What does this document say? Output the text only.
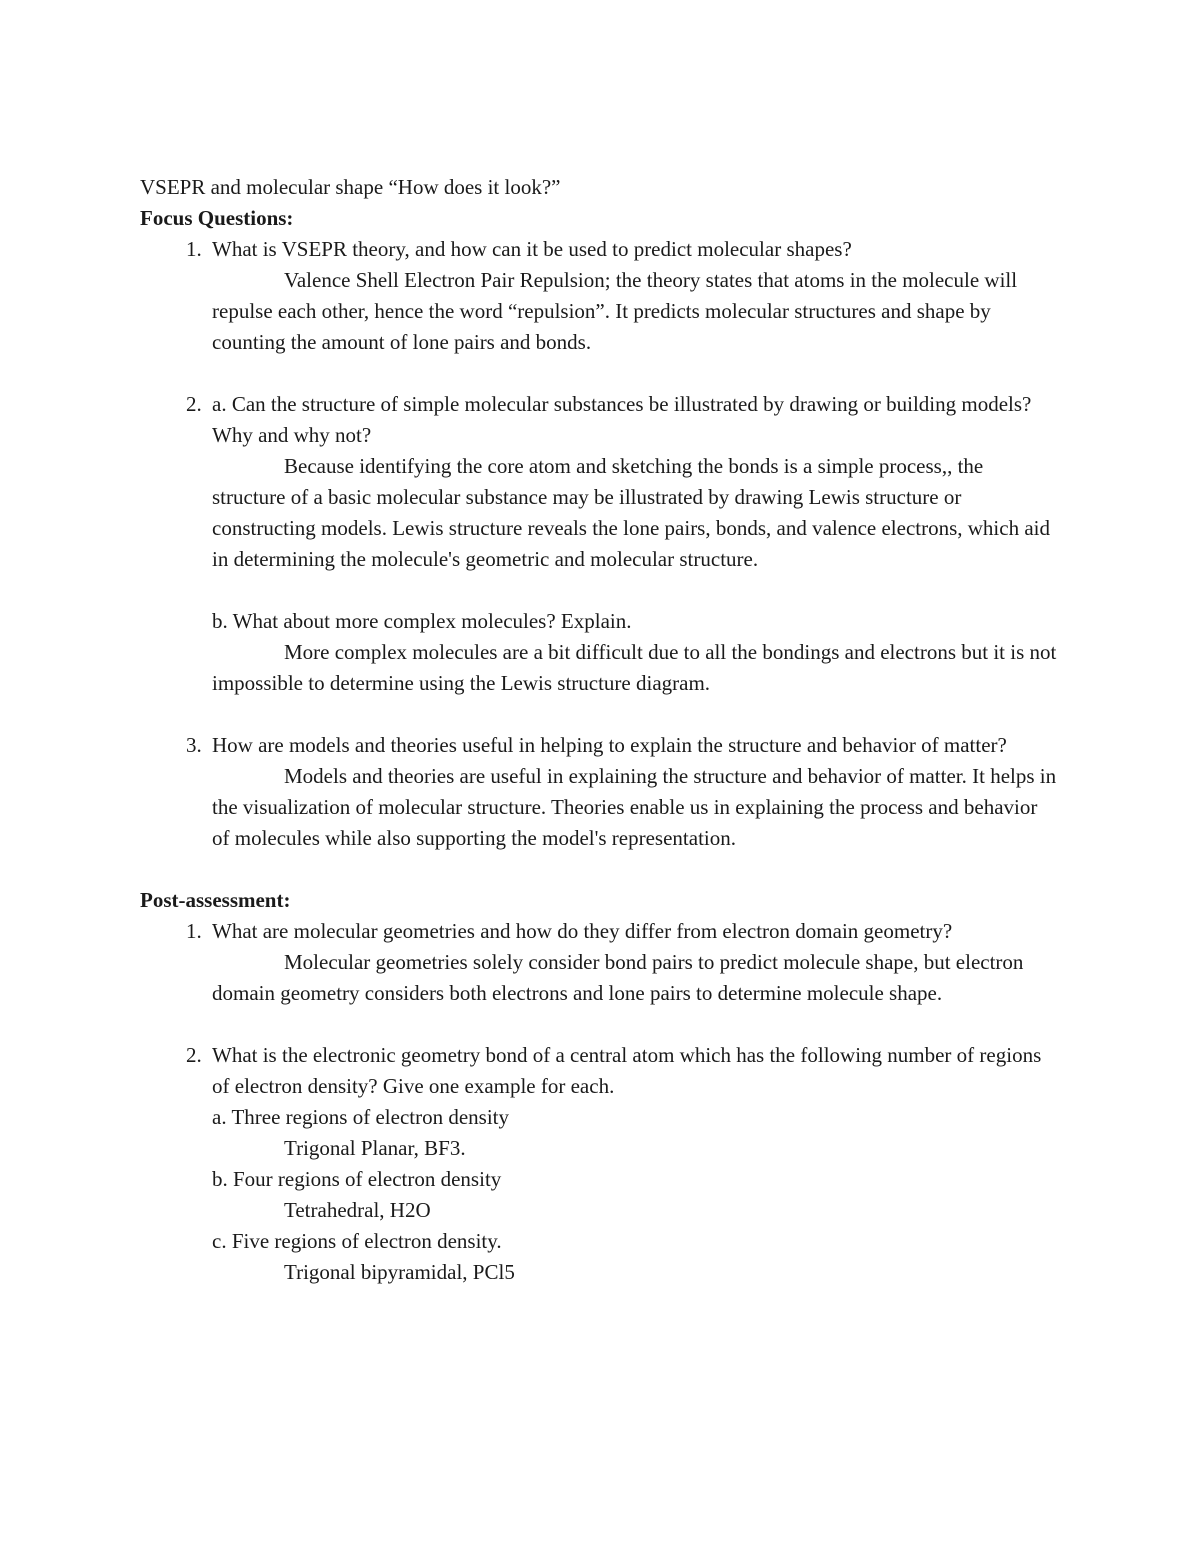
VSEPR and molecular shape “How does it look?”

Focus Questions:

1. What is VSEPR theory, and how can it be used to predict molecular shapes?

Valence Shell Electron Pair Repulsion; the theory states that atoms in the molecule will repulse each other, hence the word “repulsion”. It predicts molecular structures and shape by counting the amount of lone pairs and bonds.

2. a. Can the structure of simple molecular substances be illustrated by drawing or building models? Why and why not?

Because identifying the core atom and sketching the bonds is a simple process,, the structure of a basic molecular substance may be illustrated by drawing Lewis structure or constructing models. Lewis structure reveals the lone pairs, bonds, and valence electrons, which aid in determining the molecule's geometric and molecular structure.

b. What about more complex molecules? Explain.

More complex molecules are a bit difficult due to all the bondings and electrons but it is not impossible to determine using the Lewis structure diagram.

3. How are models and theories useful in helping to explain the structure and behavior of matter?

Models and theories are useful in explaining the structure and behavior of matter. It helps in the visualization of molecular structure. Theories enable us in explaining the process and behavior of molecules while also supporting the model's representation.

Post-assessment:

1. What are molecular geometries and how do they differ from electron domain geometry?

Molecular geometries solely consider bond pairs to predict molecule shape, but electron domain geometry considers both electrons and lone pairs to determine molecule shape.

2. What is the electronic geometry bond of a central atom which has the following number of regions of electron density? Give one example for each.

a. Three regions of electron density

Trigonal Planar, BF3.

b. Four regions of electron density

Tetrahedral, H2O

c. Five regions of electron density.

Trigonal bipyramidal, PCl5
